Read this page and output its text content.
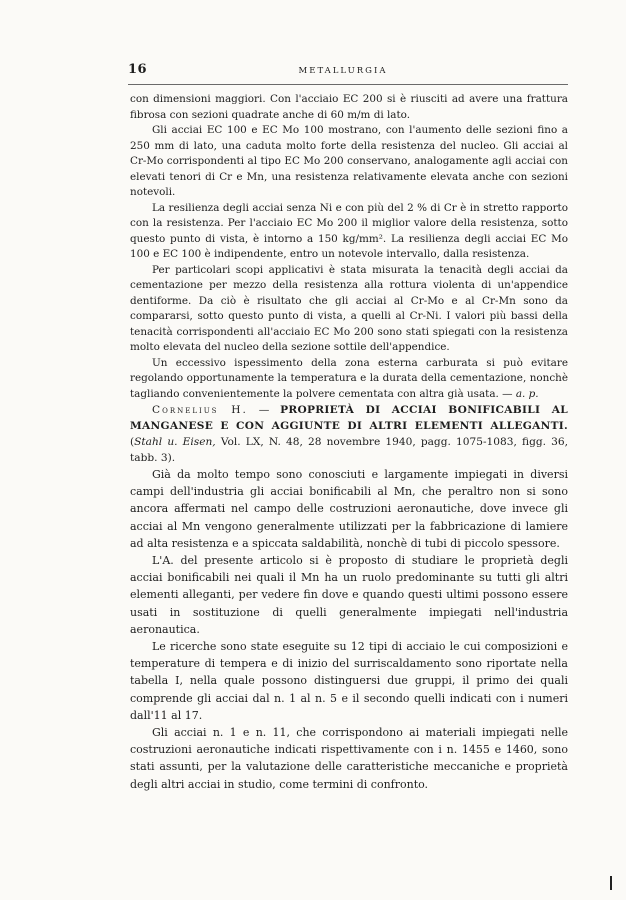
16	METALLURGIA

con dimensioni maggiori. Con l'acciaio EC 200 si è riusciti ad avere una frattura fibrosa con sezioni quadrate anche di 60 m/m di lato.

Gli acciai EC 100 e EC Mo 100 mostrano, con l'aumento delle sezioni fino a 250 mm di lato, una caduta molto forte della resistenza del nucleo. Gli acciai al Cr-Mo corrispondenti al tipo EC Mo 200 conservano, analogamente agli acciai con elevati tenori di Cr e Mn, una resistenza relativamente elevata anche con sezioni notevoli.

La resilienza degli acciai senza Ni e con più del 2 % di Cr è in stretto rapporto con la resistenza. Per l'acciaio EC Mo 200 il miglior valore della resistenza, sotto questo punto di vista, è intorno a 150 kg/mm². La resilienza degli acciai EC Mo 100 e EC 100 è indipendente, entro un notevole intervallo, dalla resistenza.

Per particolari scopi applicativi è stata misurata la tenacità degli acciai da cementazione per mezzo della resistenza alla rottura violenta di un'appendice dentiforme. Da ciò è risultato che gli acciai al Cr-Mo e al Cr-Mn sono da compararsi, sotto questo punto di vista, a quelli al Cr-Ni. I valori più bassi della tenacità corrispondenti all'acciaio EC Mo 200 sono stati spiegati con la resistenza molto elevata del nucleo della sezione sottile dell'appendice.

Un eccessivo ispessimento della zona esterna carburata si può evitare regolando opportunamente la temperatura e la durata della cementazione, nonchè tagliando convenientemente la polvere cementata con altra già usata. — a. p.

Cornelius H. — PROPRIETÀ DI ACCIAI BONIFICABILI AL MANGANESE E CON AGGIUNTE DI ALTRI ELEMENTI ALLEGANTI. (Stahl u. Eisen, Vol. LX, N. 48, 28 novembre 1940, pagg. 1075-1083, figg. 36, tabb. 3).

Già da molto tempo sono conosciuti e largamente impiegati in diversi campi dell'industria gli acciai bonificabili al Mn, che peraltro non si sono ancora affermati nel campo delle costruzioni aeronautiche, dove invece gli acciai al Mn vengono generalmente utilizzati per la fabbricazione di lamiere ad alta resistenza e a spiccata saldabilità, nonchè di tubi di piccolo spessore.

L'A. del presente articolo si è proposto di studiare le proprietà degli acciai bonificabili nei quali il Mn ha un ruolo predominante su tutti gli altri elementi alleganti, per vedere fin dove e quando questi ultimi possono essere usati in sostituzione di quelli generalmente impiegati nell'industria aeronautica.

Le ricerche sono state eseguite su 12 tipi di acciaio le cui composizioni e temperature di tempera e di inizio del surriscaldamento sono riportate nella tabella I, nella quale possono distinguersi due gruppi, il primo dei quali comprende gli acciai dal n. 1 al n. 5 e il secondo quelli indicati con i numeri dall'11 al 17.

Gli acciai n. 1 e n. 11, che corrispondono ai materiali impiegati nelle costruzioni aeronautiche indicati rispettivamente con i n. 1455 e 1460, sono stati assunti, per la valutazione delle caratteristiche meccaniche e proprietà degli altri acciai in studio, come termini di confronto.
